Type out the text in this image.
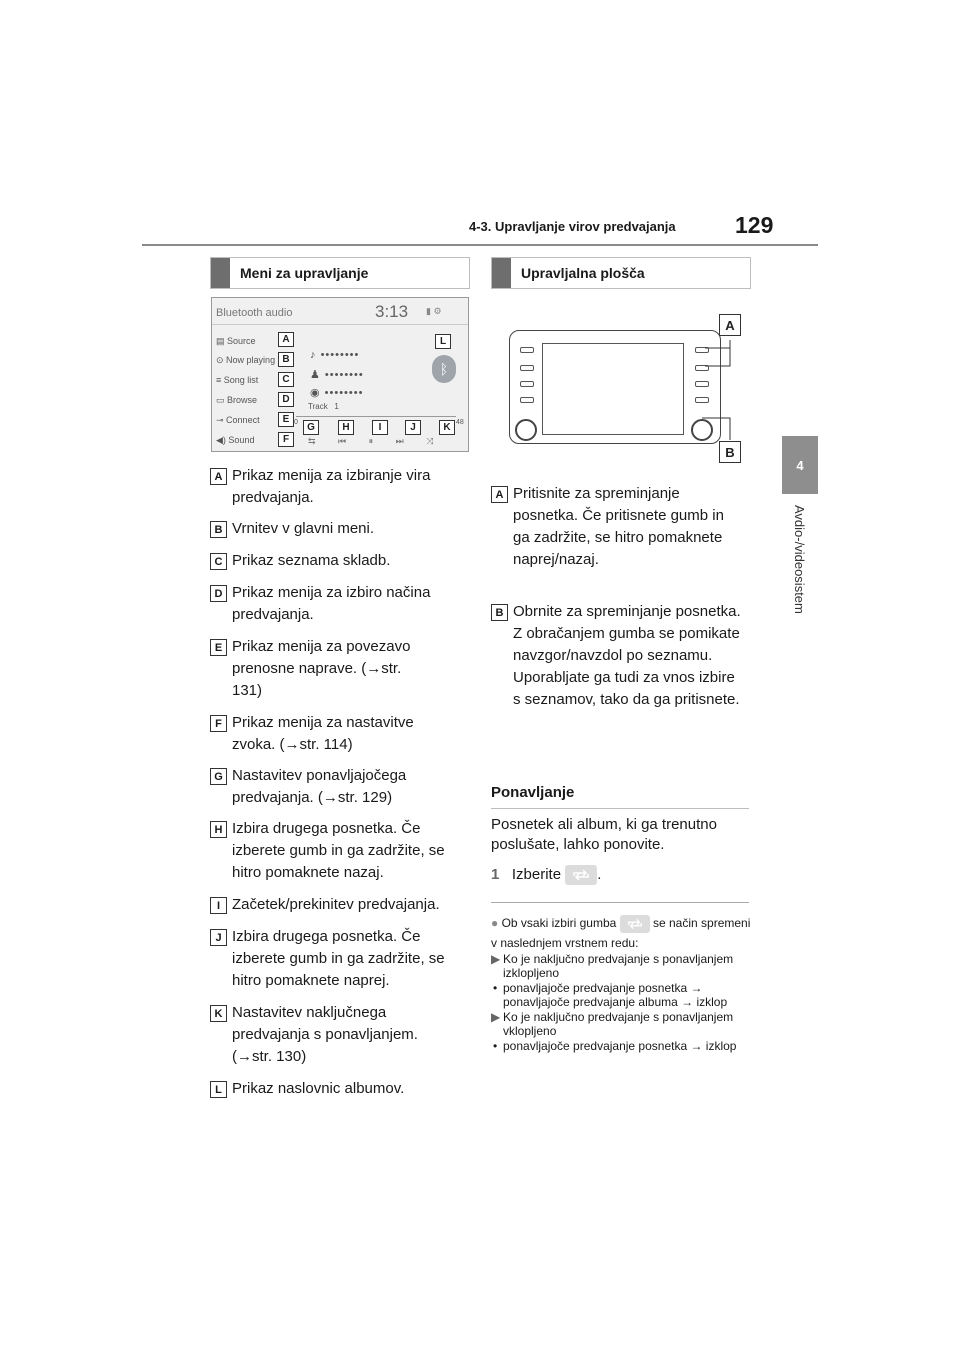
4-3. Upravljanje virov predvajanja	129
4
Avdio-/videosistem
Meni za upravljanje
Bluetooth audio	3:13 ▮ ⚙
▤ Source
⊙ Now playing
≡ Song list
▭ Browse
⊸ Connect
◀) Sound
♪ ••••••••
♟ ••••••••
◉ ••••••••
Track 1
0	48
⇆ ⏮ ⏸ ⏭ ⤨
ᛒ
A
B
C
D
E
F
G	H	I	J	K
L
A Prikaz menija za izbiranje vira predvajanja.
B Vrnitev v glavni meni.
C Prikaz seznama skladb.
D Prikaz menija za izbiro načina predvajanja.
E Prikaz menija za povezavo prenosne naprave. (→str. 131)
F Prikaz menija za nastavitve zvoka. (→str. 114)
G Nastavitev ponavljajočega predvajanja. (→str. 129)
H Izbira drugega posnetka. Če izberete gumb in ga zadržite, se hitro pomaknete nazaj.
I Začetek/prekinitev predvajanja.
J Izbira drugega posnetka. Če izberete gumb in ga zadržite, se hitro pomaknete naprej.
K Nastavitev naključnega predvajanja s ponavljanjem. (→str. 130)
L Prikaz naslovnic albumov.
Upravljalna plošča
A
B
A Pritisnite za spreminjanje posnetka. Če pritisnete gumb in ga zadržite, se hitro pomaknete naprej/nazaj.
B Obrnite za spreminjanje posnetka. Z obračanjem gumba se pomikate navzgor/navzdol po seznamu. Uporabljate ga tudi za vnos izbire s seznamov, tako da ga pritisnete.
Ponavljanje
Posnetek ali album, ki ga trenutno poslušate, lahko ponovite.
1 Izberite .
● Ob vsaki izbiri gumba	se način spremeni v naslednjem vrstnem redu:
▶ Ko je naključno predvajanje s ponavljanjem izklopljeno
• ponavljajoče predvajanje posnetka → ponavljajoče predvajanje albuma → izklop
▶ Ko je naključno predvajanje s ponavljanjem vklopljeno
• ponavljajoče predvajanje posnetka → izklop
